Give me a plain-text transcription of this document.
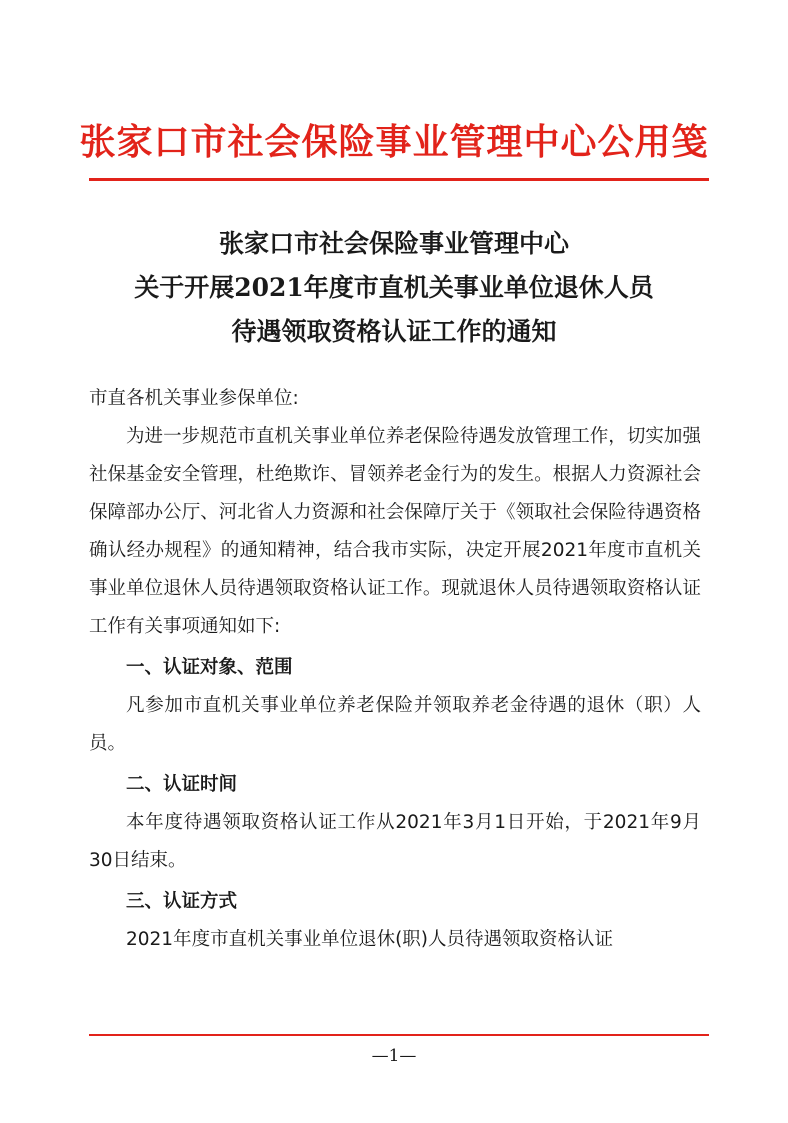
张家口市社会保险事业管理中心公用笺
张家口市社会保险事业管理中心
关于开展2021年度市直机关事业单位退休人员
待遇领取资格认证工作的通知

市直各机关事业参保单位:

为进一步规范市直机关事业单位养老保险待遇发放管理工作，切实加强社保基金安全管理，杜绝欺诈、冒领养老金行为的发生。根据人力资源社会保障部办公厅、河北省人力资源和社会保障厅关于《领取社会保险待遇资格确认经办规程》的通知精神，结合我市实际，决定开展2021年度市直机关事业单位退休人员待遇领取资格认证工作。现就退休人员待遇领取资格认证工作有关事项通知如下:

一、认证对象、范围

凡参加市直机关事业单位养老保险并领取养老金待遇的退休（职）人员。

二、认证时间

本年度待遇领取资格认证工作从2021年3月1日开始，于2021年9月30日结束。

三、认证方式

2021年度市直机关事业单位退休(职)人员待遇领取资格认证

—1—
